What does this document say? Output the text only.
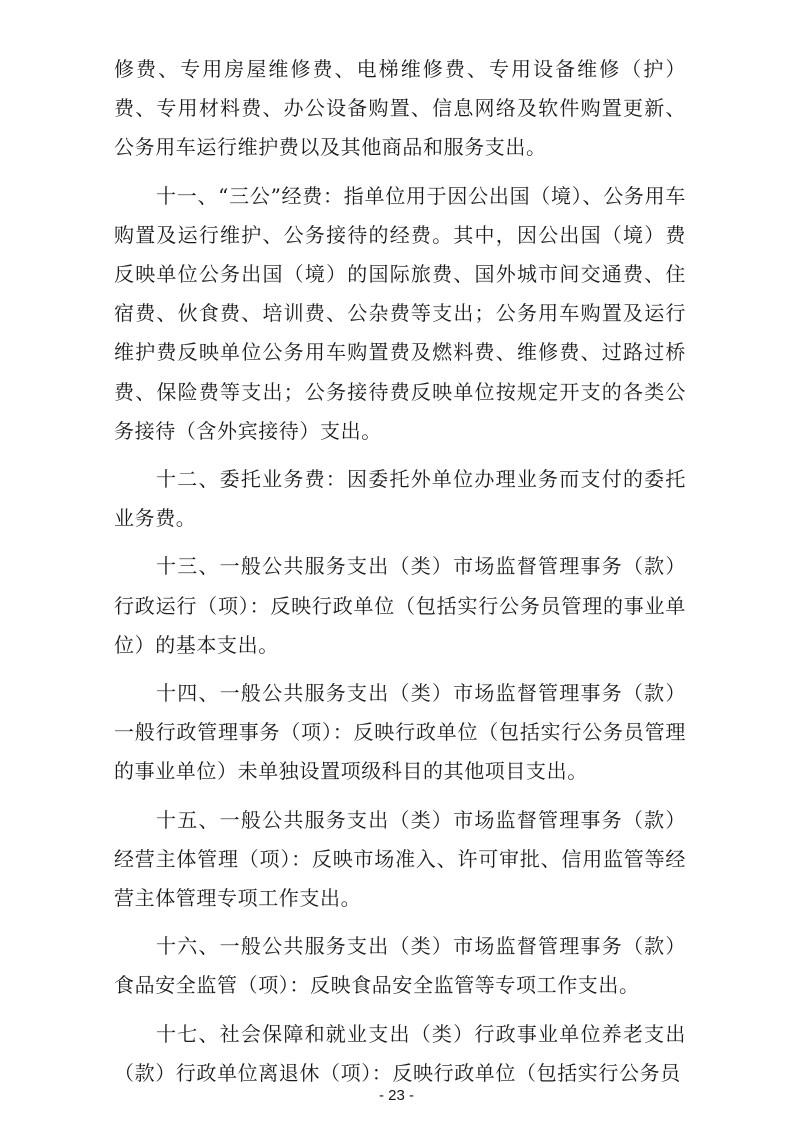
修费、专用房屋维修费、电梯维修费、专用设备维修（护）费、专用材料费、办公设备购置、信息网络及软件购置更新、公务用车运行维护费以及其他商品和服务支出。

十一、“三公”经费：指单位用于因公出国（境）、公务用车购置及运行维护、公务接待的经费。其中，因公出国（境）费反映单位公务出国（境）的国际旅费、国外城市间交通费、住宿费、伙食费、培训费、公杂费等支出；公务用车购置及运行维护费反映单位公务用车购置费及燃料费、维修费、过路过桥费、保险费等支出；公务接待费反映单位按规定开支的各类公务接待（含外宾接待）支出。

十二、委托业务费：因委托外单位办理业务而支付的委托业务费。

十三、一般公共服务支出（类）市场监督管理事务（款）行政运行（项）：反映行政单位（包括实行公务员管理的事业单位）的基本支出。

十四、一般公共服务支出（类）市场监督管理事务（款）一般行政管理事务（项）：反映行政单位（包括实行公务员管理的事业单位）未单独设置项级科目的其他项目支出。

十五、一般公共服务支出（类）市场监督管理事务（款）经营主体管理（项）：反映市场准入、许可审批、信用监管等经营主体管理专项工作支出。

十六、一般公共服务支出（类）市场监督管理事务（款）食品安全监管（项）：反映食品安全监管等专项工作支出。

十七、社会保障和就业支出（类）行政事业单位养老支出（款）行政单位离退休（项）：反映行政单位（包括实行公务员

- 23 -
